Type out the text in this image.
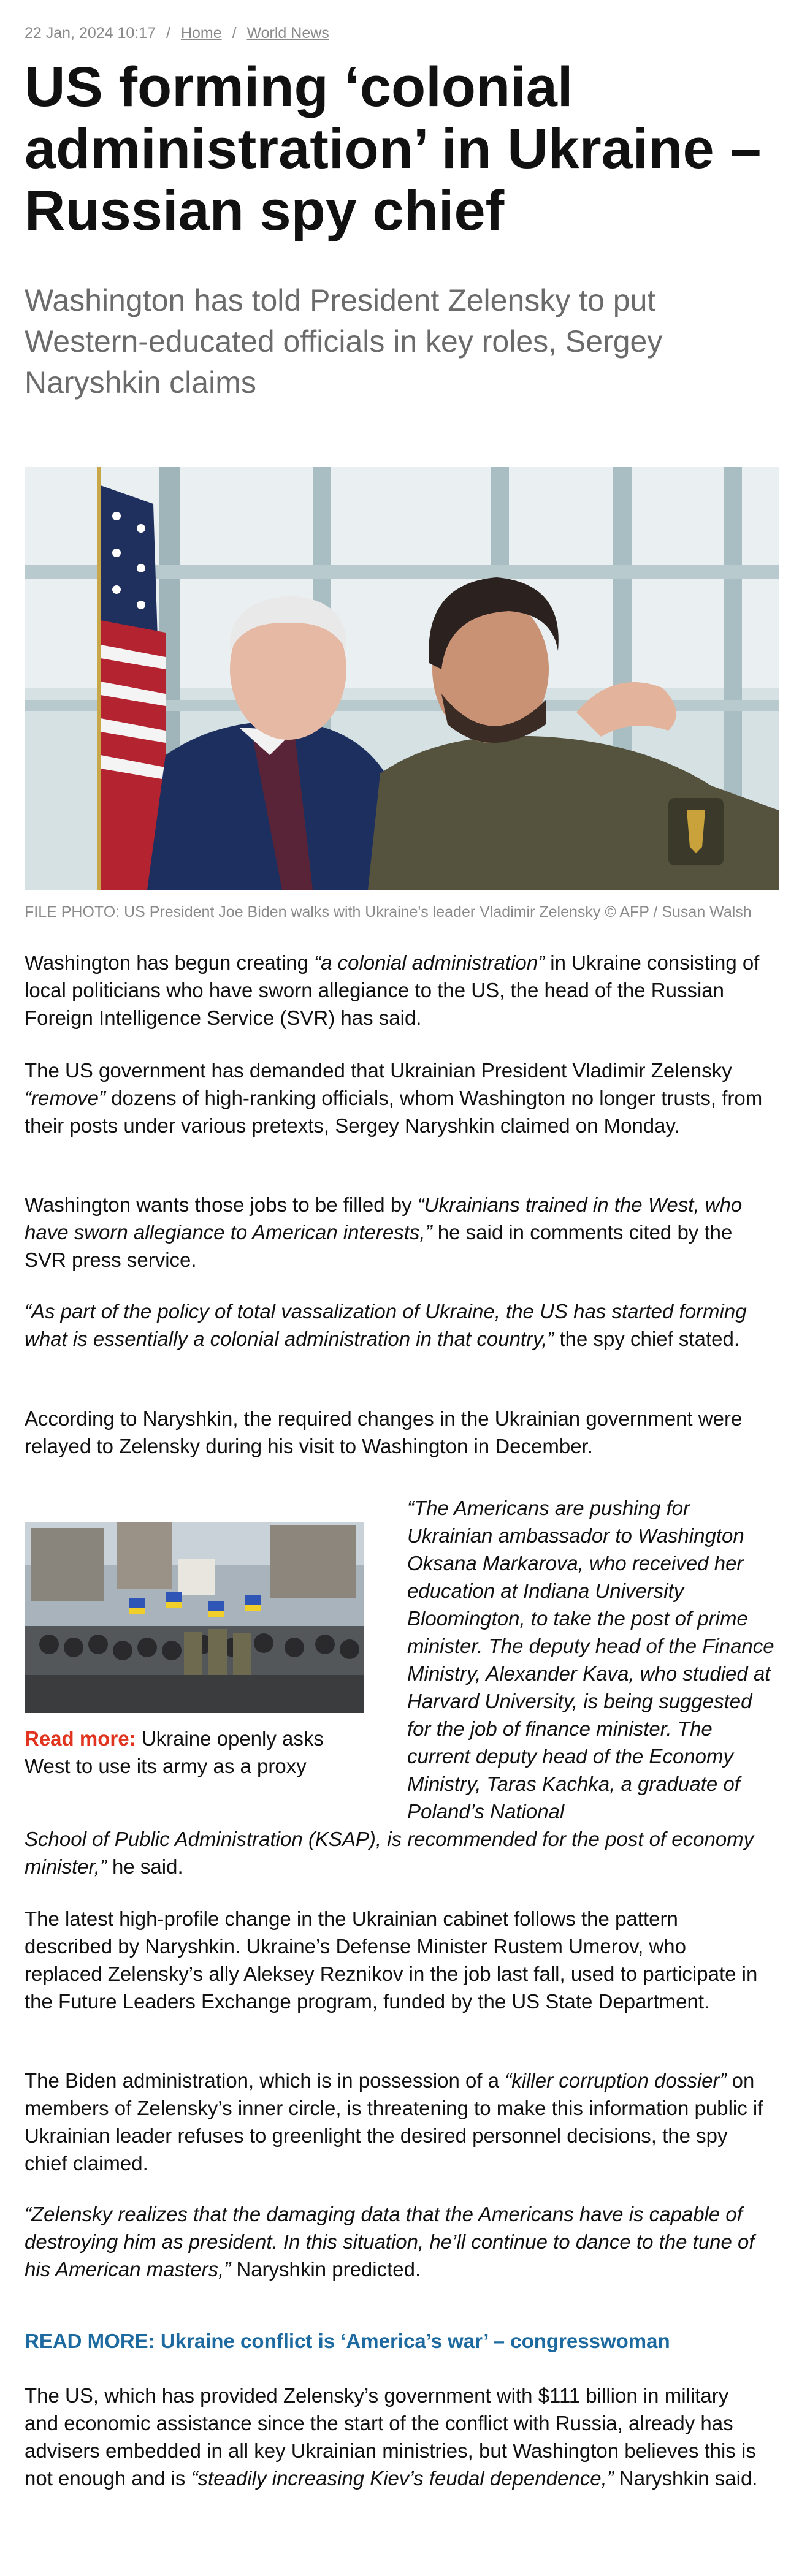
22 Jan, 2024 10:17 / Home / World News
US forming ‘colonial administration’ in Ukraine – Russian spy chief
Washington has told President Zelensky to put Western-educated officials in key roles, Sergey Naryshkin claims
FILE PHOTO: US President Joe Biden walks with Ukraine's leader Vladimir Zelensky © AFP / Susan Walsh

Washington has begun creating “a colonial administration” in Ukraine consisting of local politicians who have sworn allegiance to the US, the head of the Russian Foreign Intelligence Service (SVR) has said.

The US government has demanded that Ukrainian President Vladimir Zelensky “remove” dozens of high-ranking officials, whom Washington no longer trusts, from their posts under various pretexts, Sergey Naryshkin claimed on Monday.

Washington wants those jobs to be filled by “Ukrainians trained in the West, who have sworn allegiance to American interests,” he said in comments cited by the SVR press service.

“As part of the policy of total vassalization of Ukraine, the US has started forming what is essentially a colonial administration in that country,” the spy chief stated.

According to Naryshkin, the required changes in the Ukrainian government were relayed to Zelensky during his visit to Washington in December.

Read more: Ukraine openly asks West to use its army as a proxy

“The Americans are pushing for Ukrainian ambassador to Washington Oksana Markarova, who received her education at Indiana University Bloomington, to take the post of prime minister. The deputy head of the Finance Ministry, Alexander Kava, who studied at Harvard University, is being suggested for the job of finance minister. The current deputy head of the Economy Ministry, Taras Kachka, a graduate of Poland’s National

School of Public Administration (KSAP), is recommended for the post of economy minister,” he said.

The latest high-profile change in the Ukrainian cabinet follows the pattern described by Naryshkin. Ukraine’s Defense Minister Rustem Umerov, who replaced Zelensky’s ally Aleksey Reznikov in the job last fall, used to participate in the Future Leaders Exchange program, funded by the US State Department.

The Biden administration, which is in possession of a “killer corruption dossier” on members of Zelensky’s inner circle, is threatening to make this information public if Ukrainian leader refuses to greenlight the desired personnel decisions, the spy chief claimed.

“Zelensky realizes that the damaging data that the Americans have is capable of destroying him as president. In this situation, he’ll continue to dance to the tune of his American masters,” Naryshkin predicted.

READ MORE: Ukraine conflict is ‘America’s war’ – congresswoman

The US, which has provided Zelensky’s government with $111 billion in military and economic assistance since the start of the conflict with Russia, already has advisers embedded in all key Ukrainian ministries, but Washington believes this is not enough and is “steadily increasing Kiev’s feudal dependence,” Naryshkin said.
